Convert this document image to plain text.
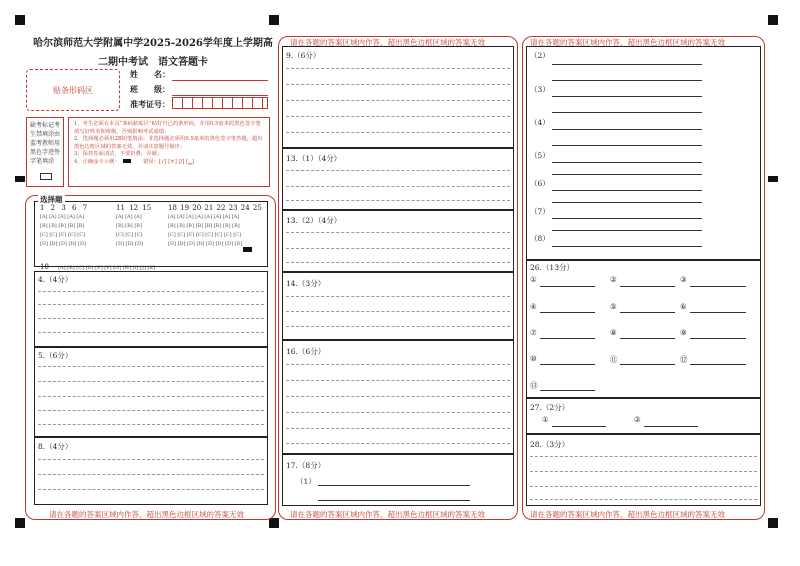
哈尔滨师范大学附属中学2025-2026学年度上学期高
二期中考试　语文答题卡
贴条形码区
姓　　名：
班　　级：
准考证号：
缺考标记考生禁填涂由监考教师用黑色字迹签字笔填涂
1、考生必须在本页“条码粘贴区”贴好自己的条形码，并用0.5毫米的黑色签字笔填写好姓名和班级，否则影响考试成绩；
2、选择题必须用2B铅笔填涂；非选择题必须用0.5毫米的黑色签字笔答题，超出黑色边框区域的答案无效，并请注意题号顺序；
3、保持卷面清洁，不要折叠，弄破；
4、正确涂卡示例：	错误：[√] [×] [/] [▁]
请在各题的答案区域内作答，超出黑色边框区域的答案无效
选择题
1 2 3 6 7
[A] [A] [A] [A] [A]
[B] [B] [B] [B] [B]
[C] [C] [C] [C] [C]
[D] [D] [D] [D] [D]
11 12 15
[A] [A] [A]
[B] [B] [B]
[C] [C] [C]
[D] [D] [D]
18 19 20 21 22 23 24 25
[A] [A] [A] [A] [A] [A] [A] [A]
[B] [B] [B] [B] [B] [B] [B] [B]
[C] [C] [C] [C] [C] [C] [C] [C]
[D] [D] [D] [D] [D] [D] [D] [D]
10 [A] [B] [C] [D] [E] [F] [G] [H] [I] [J] [K]
4.（4分）
5.（6分）
8.（4分）
请在各题的答案区域内作答，超出黑色边框区域的答案无效
请在各题的答案区域内作答，超出黑色边框区域的答案无效
9.（6分）
13.（1）（4分）
13.（2）（4分）
14.（3分）
16.（6分）
17.（8分）
（1）
请在各题的答案区域内作答，超出黑色边框区域的答案无效
请在各题的答案区域内作答，超出黑色边框区域的答案无效
（2）
（3）
（4）
（5）
（6）
（7）
（8）
26.（13分）
①	②	③
④	⑤	⑥
⑦	⑧	⑨
⑩	⑪	⑫
⑬
27.（2分）
①	②
28.（3分）
